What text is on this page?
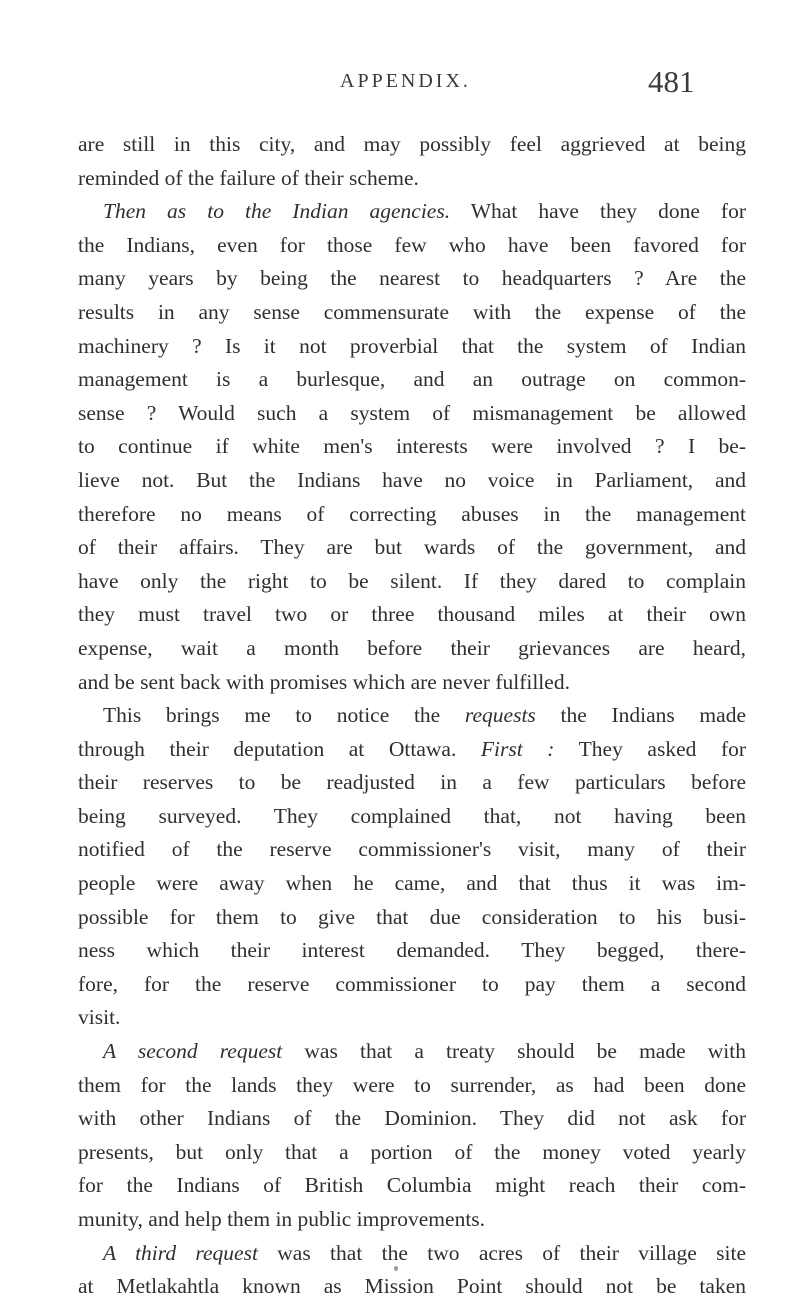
APPENDIX.	481
are still in this city, and may possibly feel aggrieved at being
reminded of the failure of their scheme.
Then as to the Indian agencies. What have they done for
the Indians, even for those few who have been favored for
many years by being the nearest to headquarters ? Are the
results in any sense commensurate with the expense of the
machinery ? Is it not proverbial that the system of Indian
management is a burlesque, and an outrage on common-
sense ? Would such a system of mismanagement be allowed
to continue if white men's interests were involved ? I be-
lieve not. But the Indians have no voice in Parliament, and
therefore no means of correcting abuses in the management
of their affairs. They are but wards of the government, and
have only the right to be silent. If they dared to complain
they must travel two or three thousand miles at their own
expense, wait a month before their grievances are heard,
and be sent back with promises which are never fulfilled.
This brings me to notice the requests the Indians made
through their deputation at Ottawa. First : They asked for
their reserves to be readjusted in a few particulars before
being surveyed. They complained that, not having been
notified of the reserve commissioner's visit, many of their
people were away when he came, and that thus it was im-
possible for them to give that due consideration to his busi-
ness which their interest demanded. They begged, there-
fore, for the reserve commissioner to pay them a second
visit.
A second request was that a treaty should be made with
them for the lands they were to surrender, as had been done
with other Indians of the Dominion. They did not ask for
presents, but only that a portion of the money voted yearly
for the Indians of British Columbia might reach their com-
munity, and help them in public improvements.
A third request was that the two acres of their village site
at Metlakahtla known as Mission Point should not be taken
